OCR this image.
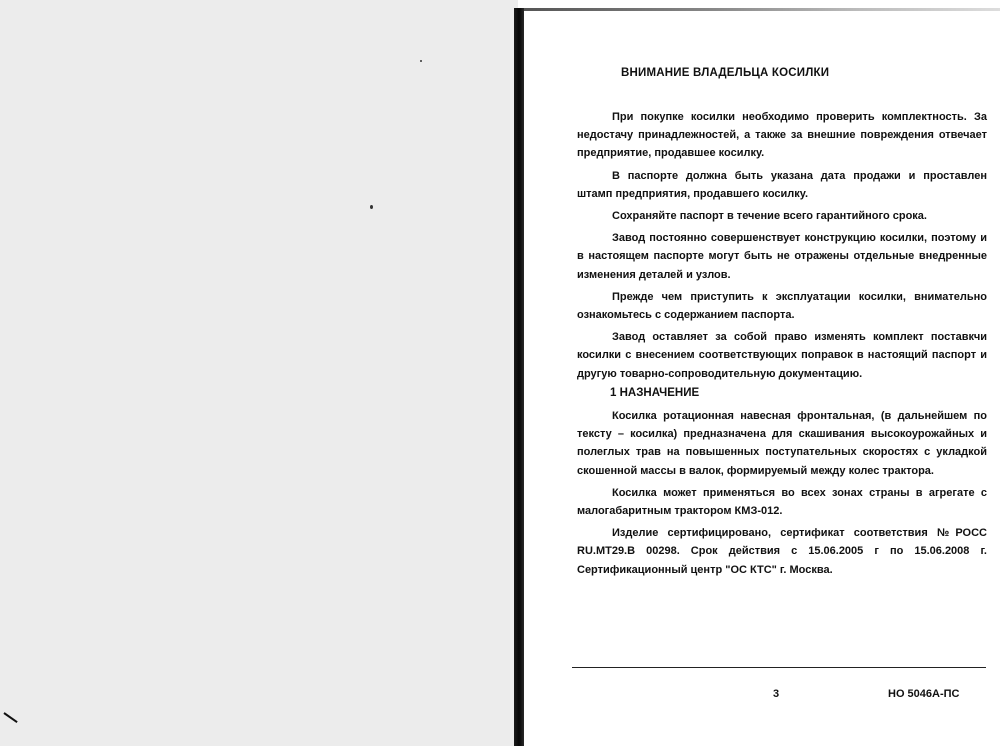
ВНИМАНИЕ ВЛАДЕЛЬЦА КОСИЛКИ

При покупке косилки необходимо проверить комплектность. За недостачу принадлежностей, а также за внешние повреждения отвечает предприятие, продавшее косилку.

В паспорте должна быть указана дата продажи и проставлен штамп предприятия, продавшего косилку.

Сохраняйте паспорт в течение всего гарантийного срока.

Завод постоянно совершенствует конструкцию косилки, поэтому и в настоящем паспорте могут быть не отражены отдельные внедренные изменения деталей и узлов.

Прежде чем приступить к эксплуатации косилки, внимательно ознакомьтесь с содержанием паспорта.

Завод оставляет за собой право изменять комплект поставкчи косилки с внесением соответствующих поправок в настоящий паспорт и другую товарно-сопроводительную документацию.

1 НАЗНАЧЕНИЕ

Косилка ротационная навесная фронтальная, (в дальнейшем по тексту – косилка) предназначена для скашивания высокоурожайных и полеглых трав на повышенных поступательных скоростях с укладкой скошенной массы в валок, формируемый между колес трактора.

Косилка может применяться во всех зонах страны в агрегате с малогабаритным трактором КМЗ-012.

Изделие сертифицировано, сертификат соответствия №РОСС RU.МТ29.В 00298. Срок действия с 15.06.2005 г по 15.06.2008 г. Сертификационный центр "ОС КТС" г. Москва.

3	НО 5046А-ПС
